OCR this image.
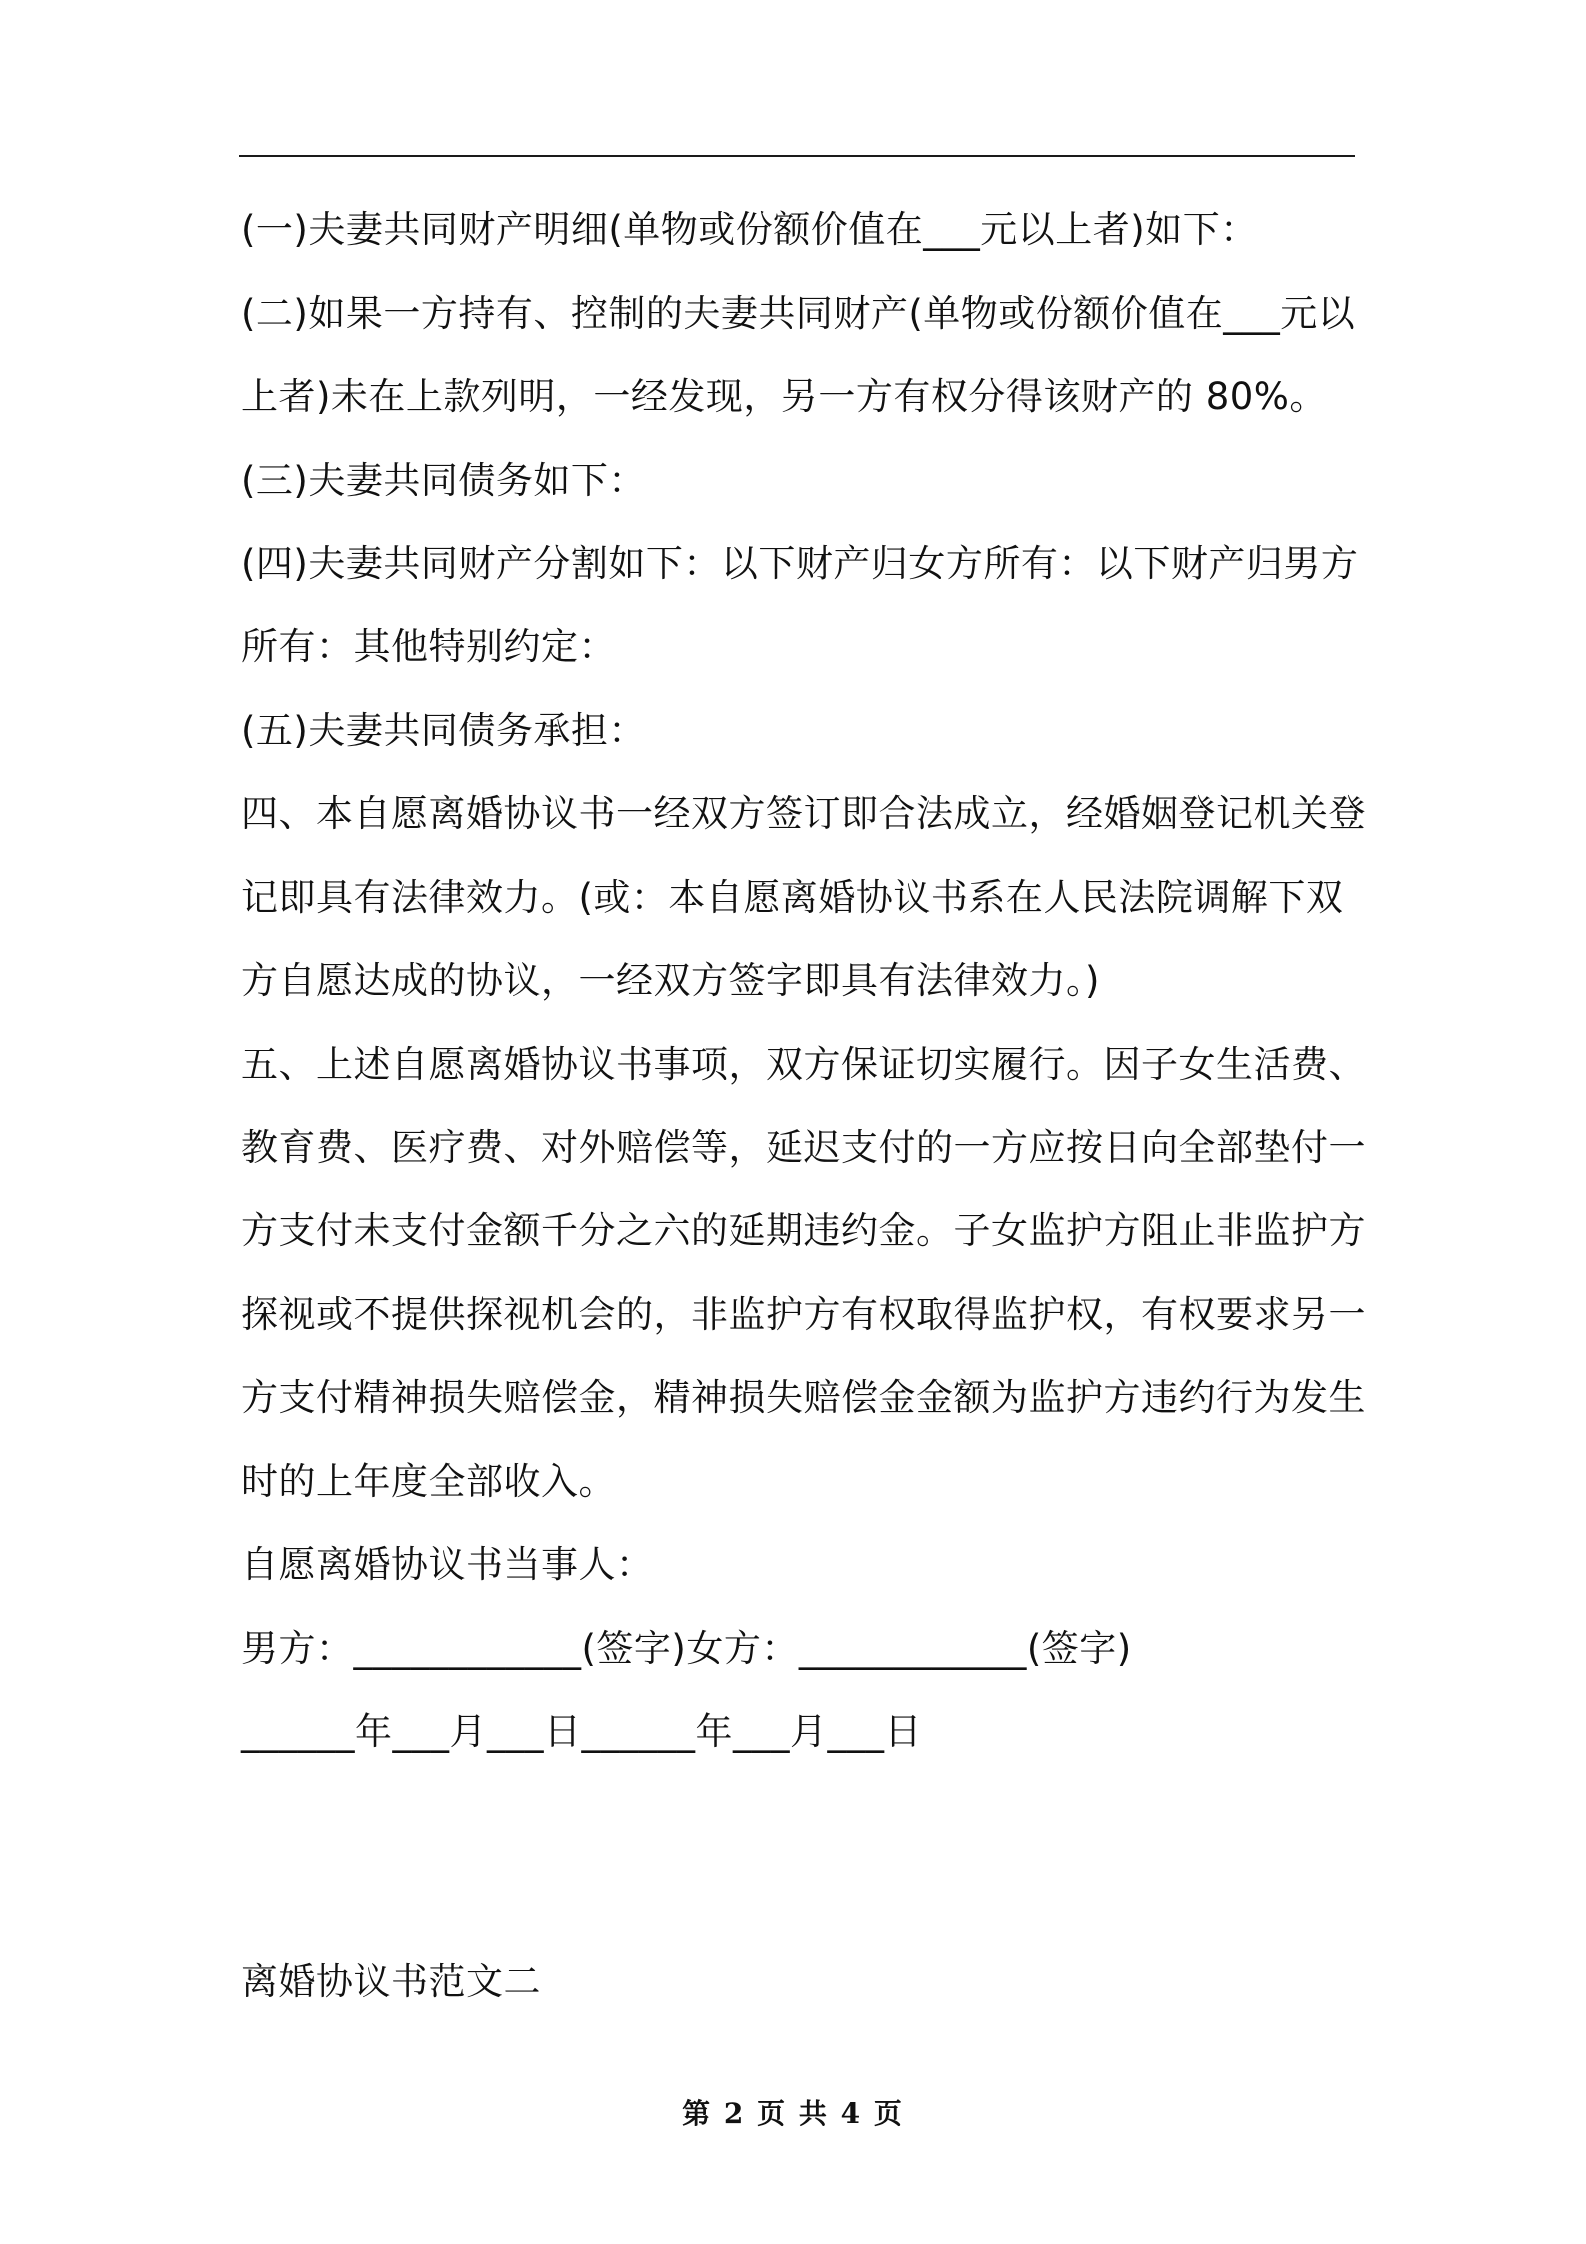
(一)夫妻共同财产明细(单物或份额价值在___元以上者)如下：
(二)如果一方持有、控制的夫妻共同财产(单物或份额价值在___元以
上者)未在上款列明，一经发现，另一方有权分得该财产的 80%。
(三)夫妻共同债务如下：
(四)夫妻共同财产分割如下：以下财产归女方所有：以下财产归男方
所有：其他特别约定：
(五)夫妻共同债务承担：
四、本自愿离婚协议书一经双方签订即合法成立，经婚姻登记机关登
记即具有法律效力。(或：本自愿离婚协议书系在人民法院调解下双
方自愿达成的协议，一经双方签字即具有法律效力。)
五、上述自愿离婚协议书事项，双方保证切实履行。因子女生活费、
教育费、医疗费、对外赔偿等，延迟支付的一方应按日向全部垫付一
方支付未支付金额千分之六的延期违约金。子女监护方阻止非监护方
探视或不提供探视机会的，非监护方有权取得监护权，有权要求另一
方支付精神损失赔偿金，精神损失赔偿金金额为监护方违约行为发生
时的上年度全部收入。
自愿离婚协议书当事人：
男方：____________(签字)女方：____________(签字)
______年___月___日______年___月___日
离婚协议书范文二
第 2 页 共 4 页
